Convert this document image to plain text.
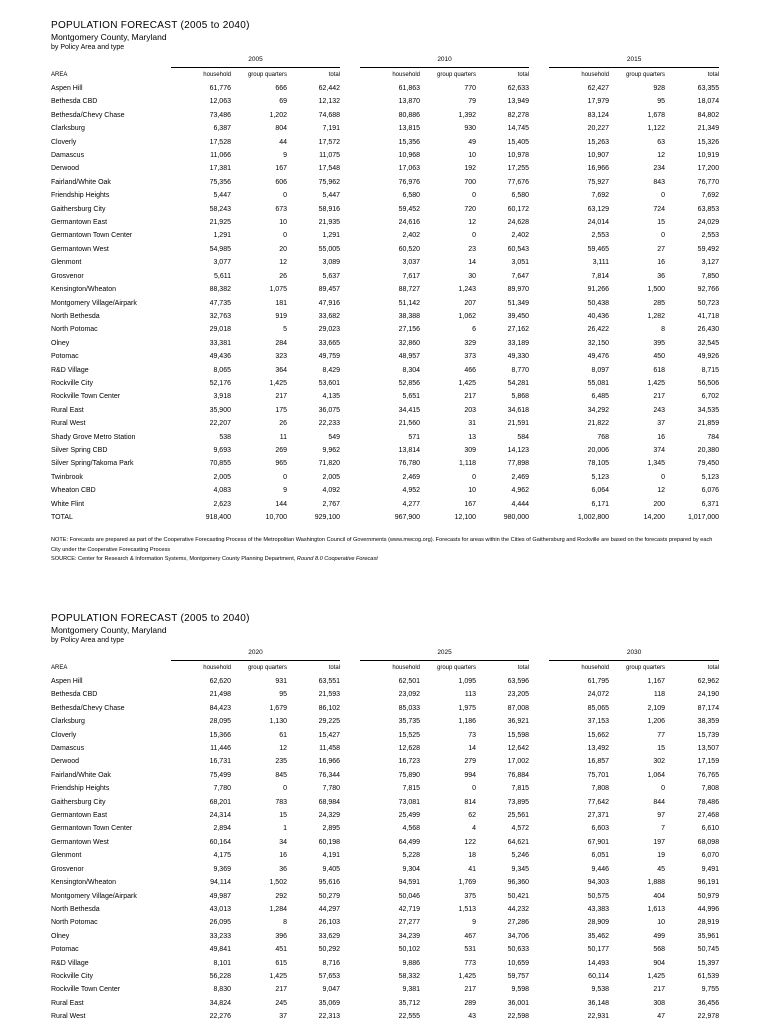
POPULATION FORECAST (2005 to 2040)
Montgomery County, Maryland
by Policy Area and type
	2005				2010				2015		
AREA	household	group quarters	total		household	group quarters	total		household	group quarters	total
Aspen Hill	61,776	666	62,442		61,863	770	62,633		62,427	928	63,355
Bethesda CBD	12,063	69	12,132		13,870	79	13,949		17,979	95	18,074
Bethesda/Chevy Chase	73,486	1,202	74,688		80,886	1,392	82,278		83,124	1,678	84,802
Clarksburg	6,387	804	7,191		13,815	930	14,745		20,227	1,122	21,349
Cloverly	17,528	44	17,572		15,356	49	15,405		15,263	63	15,326
Damascus	11,066	9	11,075		10,968	10	10,978		10,907	12	10,919
Derwood	17,381	167	17,548		17,063	192	17,255		16,966	234	17,200
Fairland/White Oak	75,356	606	75,962		76,976	700	77,676		75,927	843	76,770
Friendship Heights	5,447	0	5,447		6,580	0	6,580		7,692	0	7,692
Gaithersburg City	58,243	673	58,916		59,452	720	60,172		63,129	724	63,853
Germantown East	21,925	10	21,935		24,616	12	24,628		24,014	15	24,029
Germantown Town Center	1,291	0	1,291		2,402	0	2,402		2,553	0	2,553
Germantown West	54,985	20	55,005		60,520	23	60,543		59,465	27	59,492
Glenmont	3,077	12	3,089		3,037	14	3,051		3,111	16	3,127
Grosvenor	5,611	26	5,637		7,617	30	7,647		7,814	36	7,850
Kensington/Wheaton	88,382	1,075	89,457		88,727	1,243	89,970		91,266	1,500	92,766
Montgomery Village/Airpark	47,735	181	47,916		51,142	207	51,349		50,438	285	50,723
North Bethesda	32,763	919	33,682		38,388	1,062	39,450		40,436	1,282	41,718
North Potomac	29,018	5	29,023		27,156	6	27,162		26,422	8	26,430
Olney	33,381	284	33,665		32,860	329	33,189		32,150	395	32,545
Potomac	49,436	323	49,759		48,957	373	49,330		49,476	450	49,926
R&D Village	8,065	364	8,429		8,304	466	8,770		8,097	618	8,715
Rockville City	52,176	1,425	53,601		52,856	1,425	54,281		55,081	1,425	56,506
Rockville Town Center	3,918	217	4,135		5,651	217	5,868		6,485	217	6,702
Rural East	35,900	175	36,075		34,415	203	34,618		34,292	243	34,535
Rural West	22,207	26	22,233		21,560	31	21,591		21,822	37	21,859
Shady Grove Metro Station	538	11	549		571	13	584		768	16	784
Silver Spring CBD	9,693	269	9,962		13,814	309	14,123		20,006	374	20,380
Silver Spring/Takoma Park	70,855	965	71,820		76,780	1,118	77,898		78,105	1,345	79,450
Twinbrook	2,005	0	2,005		2,469	0	2,469		5,123	0	5,123
Wheaton CBD	4,083	9	4,092		4,952	10	4,962		6,064	12	6,076
White Flint	2,623	144	2,767		4,277	167	4,444		6,171	200	6,371
TOTAL	918,400	10,700	929,100		967,900	12,100	980,000		1,002,800	14,200	1,017,000
NOTE: Forecasts are prepared as part of the Cooperative Forecasting Process of the Metropolitan Washington Council of Governments (www.mwcog.org). Forecasts for areas within the Cities of Gaithersburg and Rockville are based on the forecasts prepared by each City under the Cooperative Forecasting Process
SOURCE: Center for Research & Information Systems, Montgomery County Planning Department, Round 8.0 Cooperative Forecast
POPULATION FORECAST (2005 to 2040)
Montgomery County, Maryland
by Policy Area and type
	2020				2025				2030		
AREA	household	group quarters	total		household	group quarters	total		household	group quarters	total
Aspen Hill	62,620	931	63,551		62,501	1,095	63,596		61,795	1,167	62,962
Bethesda CBD	21,498	95	21,593		23,092	113	23,205		24,072	118	24,190
Bethesda/Chevy Chase	84,423	1,679	86,102		85,033	1,975	87,008		85,065	2,109	87,174
Clarksburg	28,095	1,130	29,225		35,735	1,186	36,921		37,153	1,206	38,359
Cloverly	15,366	61	15,427		15,525	73	15,598		15,662	77	15,739
Damascus	11,446	12	11,458		12,628	14	12,642		13,492	15	13,507
Derwood	16,731	235	16,966		16,723	279	17,002		16,857	302	17,159
Fairland/White Oak	75,499	845	76,344		75,890	994	76,884		75,701	1,064	76,765
Friendship Heights	7,780	0	7,780		7,815	0	7,815		7,808	0	7,808
Gaithersburg City	68,201	783	68,984		73,081	814	73,895		77,642	844	78,486
Germantown East	24,314	15	24,329		25,499	62	25,561		27,371	97	27,468
Germantown Town Center	2,894	1	2,895		4,568	4	4,572		6,603	7	6,610
Germantown West	60,164	34	60,198		64,499	122	64,621		67,901	197	68,098
Glenmont	4,175	16	4,191		5,228	18	5,246		6,051	19	6,070
Grosvenor	9,369	36	9,405		9,304	41	9,345		9,446	45	9,491
Kensington/Wheaton	94,114	1,502	95,616		94,591	1,769	96,360		94,303	1,888	96,191
Montgomery Village/Airpark	49,987	292	50,279		50,046	375	50,421		50,575	404	50,979
North Bethesda	43,013	1,284	44,297		42,719	1,513	44,232		43,383	1,613	44,996
North Potomac	26,095	8	26,103		27,277	9	27,286		28,909	10	28,919
Olney	33,233	396	33,629		34,239	467	34,706		35,462	499	35,961
Potomac	49,841	451	50,292		50,102	531	50,633		50,177	568	50,745
R&D Village	8,101	615	8,716		9,886	773	10,659		14,493	904	15,397
Rockville City	56,228	1,425	57,653		58,332	1,425	59,757		60,114	1,425	61,539
Rockville Town Center	8,830	217	9,047		9,381	217	9,598		9,538	217	9,755
Rural East	34,824	245	35,069		35,712	289	36,001		36,148	308	36,456
Rural West	22,276	37	22,313		22,555	43	22,598		22,931	47	22,978
